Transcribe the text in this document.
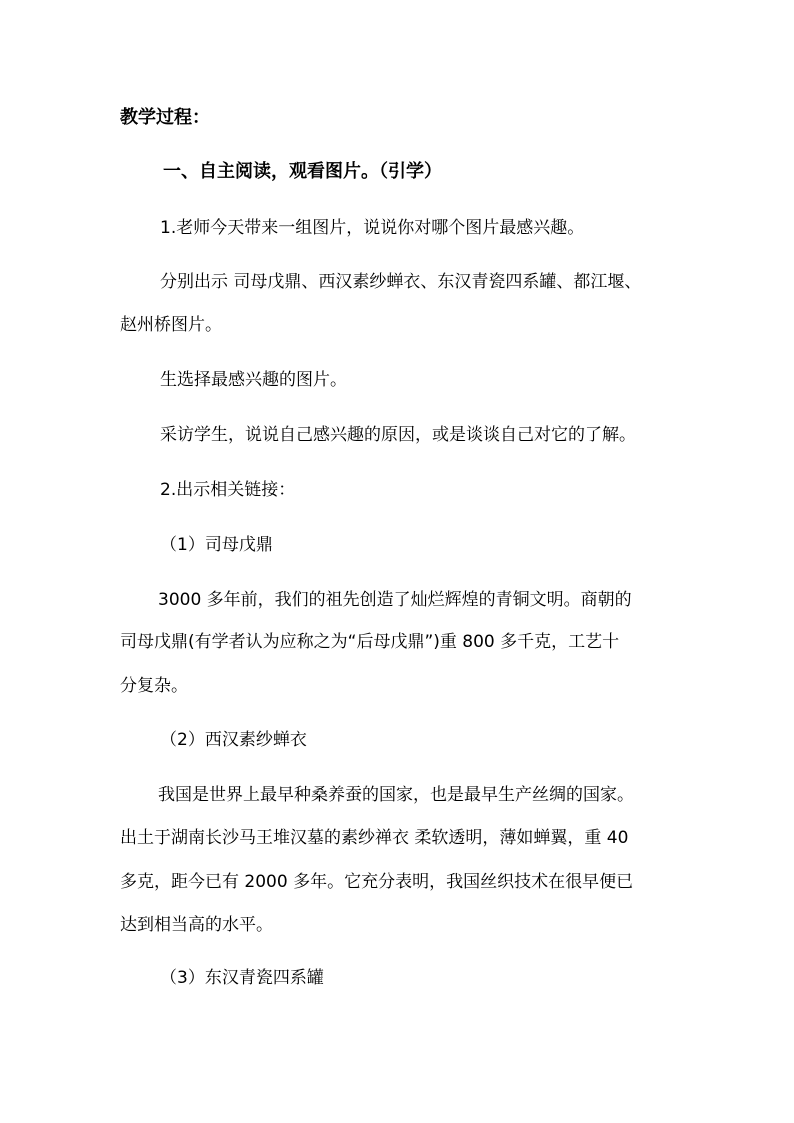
教学过程：
一、自主阅读，观看图片。（引学）
1.老师今天带来一组图片，说说你对哪个图片最感兴趣。
分别出示 司母戊鼎、西汉素纱蝉衣、东汉青瓷四系罐、都江堰、
赵州桥图片。
生选择最感兴趣的图片。
采访学生，说说自己感兴趣的原因，或是谈谈自己对它的了解。
2.出示相关链接：
（1）司母戊鼎
3000 多年前，我们的祖先创造了灿烂辉煌的青铜文明。商朝的
司母戊鼎(有学者认为应称之为“后母戊鼎”)重 800 多千克，工艺十
分复杂。
（2）西汉素纱蝉衣
我国是世界上最早种桑养蚕的国家，也是最早生产丝绸的国家。
出土于湖南长沙马王堆汉墓的素纱禅衣 柔软透明，薄如蝉翼，重 40
多克，距今已有 2000 多年。它充分表明，我国丝织技术在很早便已
达到相当高的水平。
（3）东汉青瓷四系罐
